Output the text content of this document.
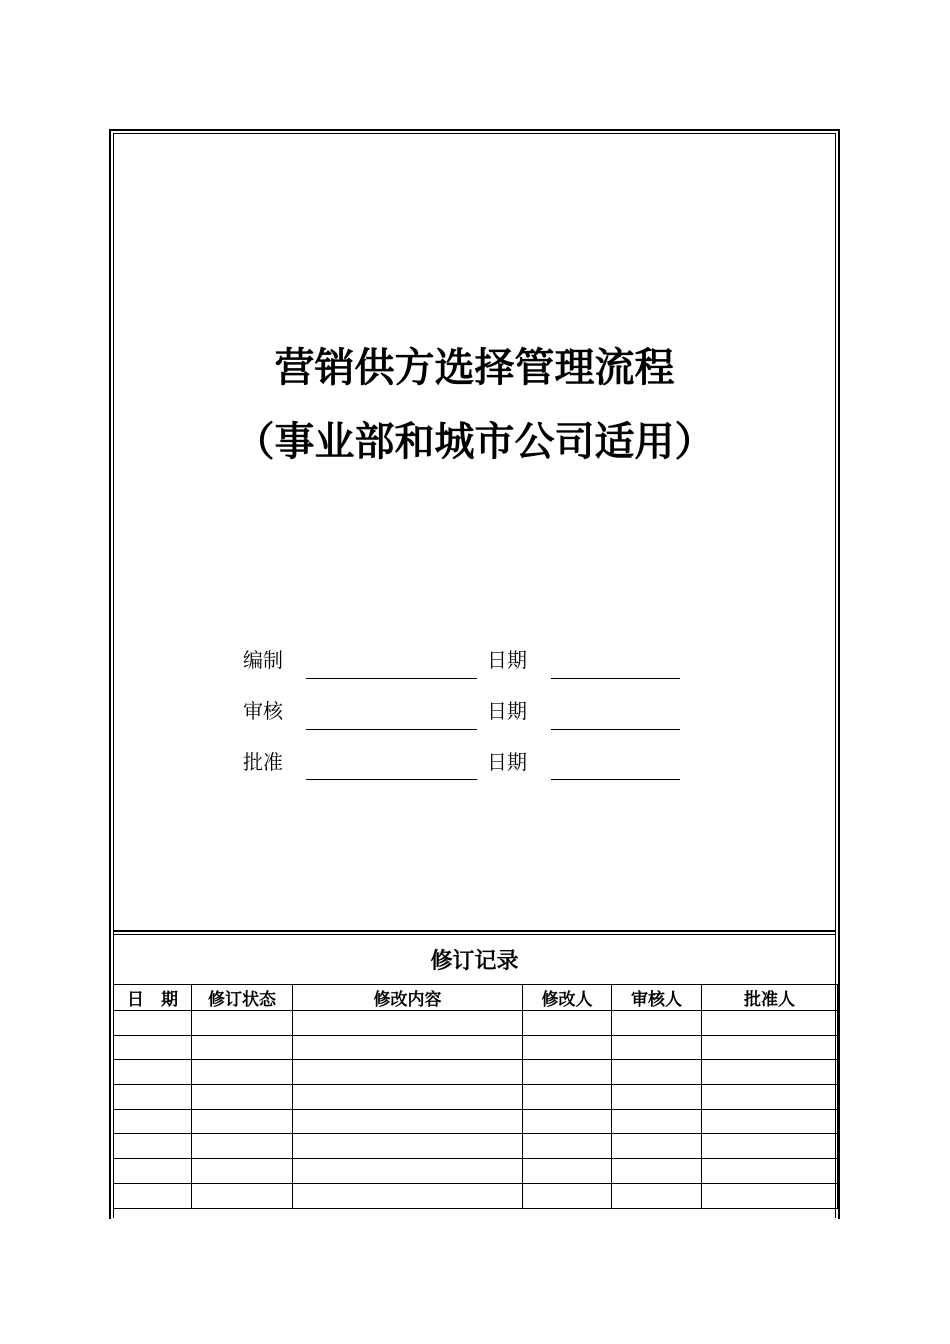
营销供方选择管理流程
（事业部和城市公司适用）
编制	日期
审核	日期
批准	日期
修订记录
日　期	修订状态	修改内容	修改人	审核人	批准人
